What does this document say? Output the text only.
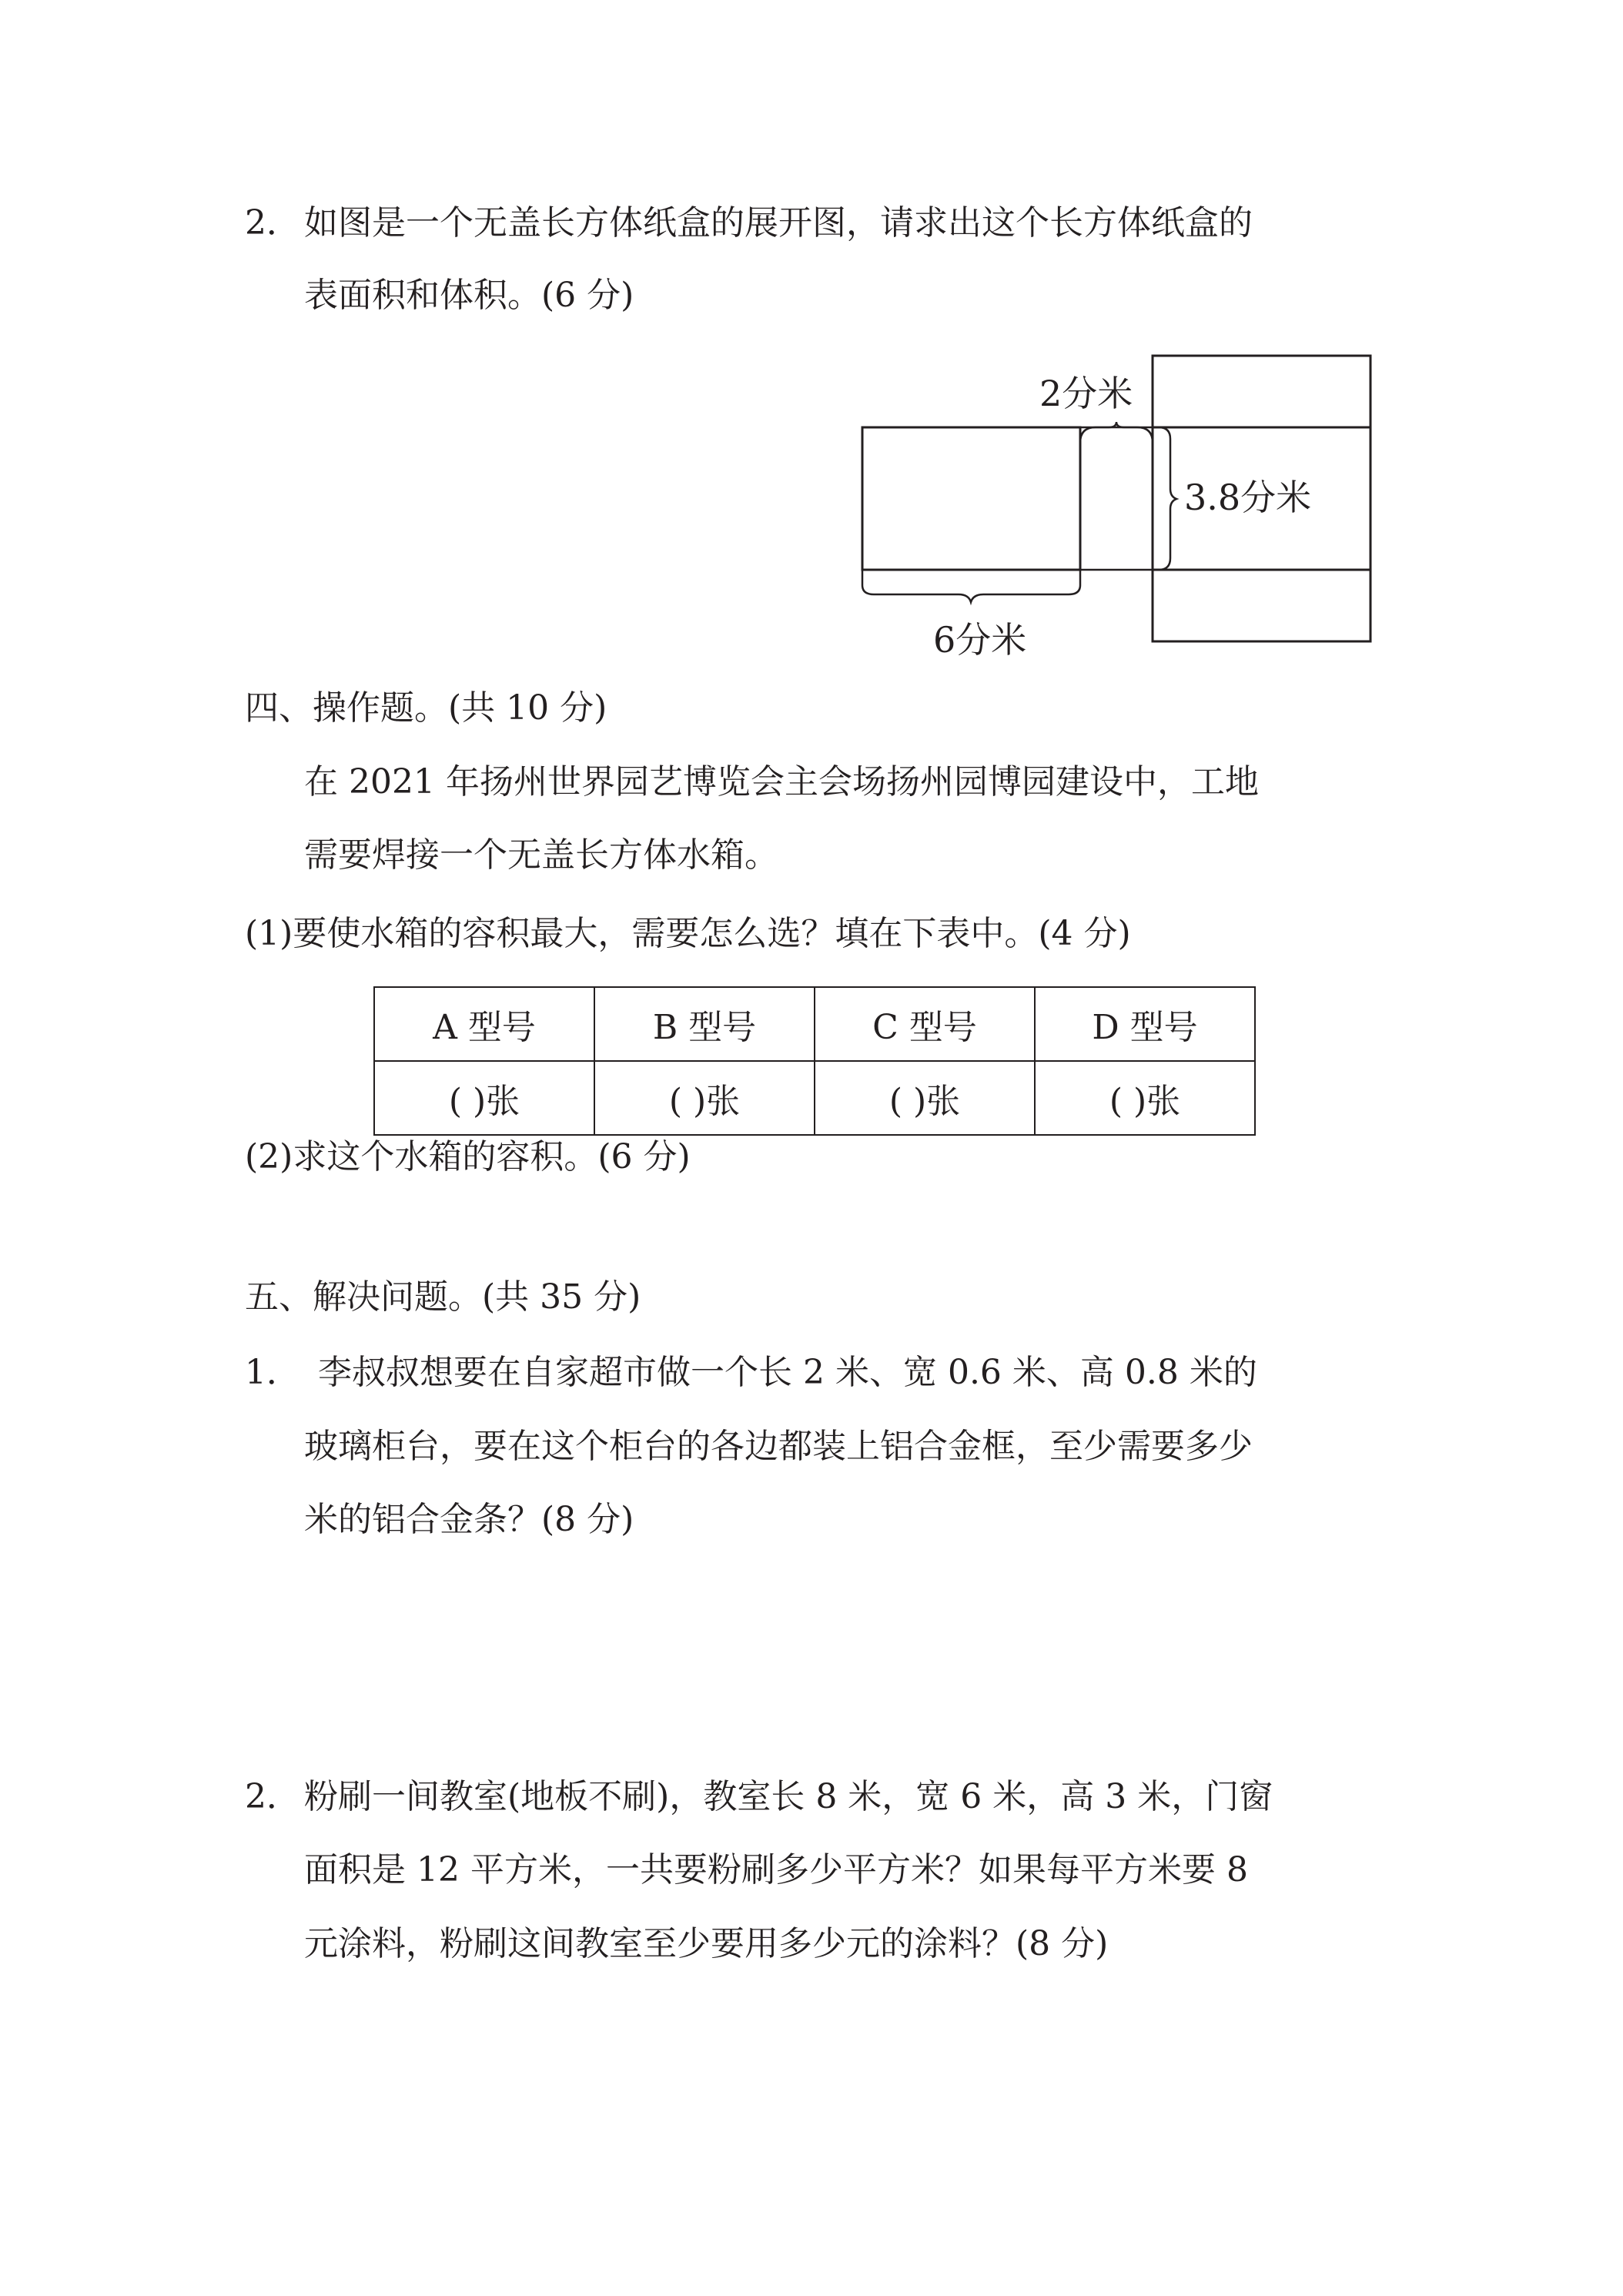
2． 如图是一个无盖长方体纸盒的展开图，请求出这个长方体纸盒的
表面积和体积。(6 分)
2分米
3.8分米
6分米
四、操作题。(共 10 分)
在 2021 年扬州世界园艺博览会主会场扬州园博园建设中，工地
需要焊接一个无盖长方体水箱。
(1)要使水箱的容积最大，需要怎么选？填在下表中。(4 分)
A 型号	B 型号	C 型号	D 型号
( )张	( )张	( )张	( )张
(2)求这个水箱的容积。(6 分)
五、解决问题。(共 35 分)
1． 李叔叔想要在自家超市做一个长 2 米、宽 0.6 米、高 0.8 米的
玻璃柜台，要在这个柜台的各边都装上铝合金框，至少需要多少
米的铝合金条？(8 分)
2． 粉刷一间教室(地板不刷)，教室长 8 米，宽 6 米，高 3 米，门窗
面积是 12 平方米，一共要粉刷多少平方米？如果每平方米要 8
元涂料，粉刷这间教室至少要用多少元的涂料？(8 分)
